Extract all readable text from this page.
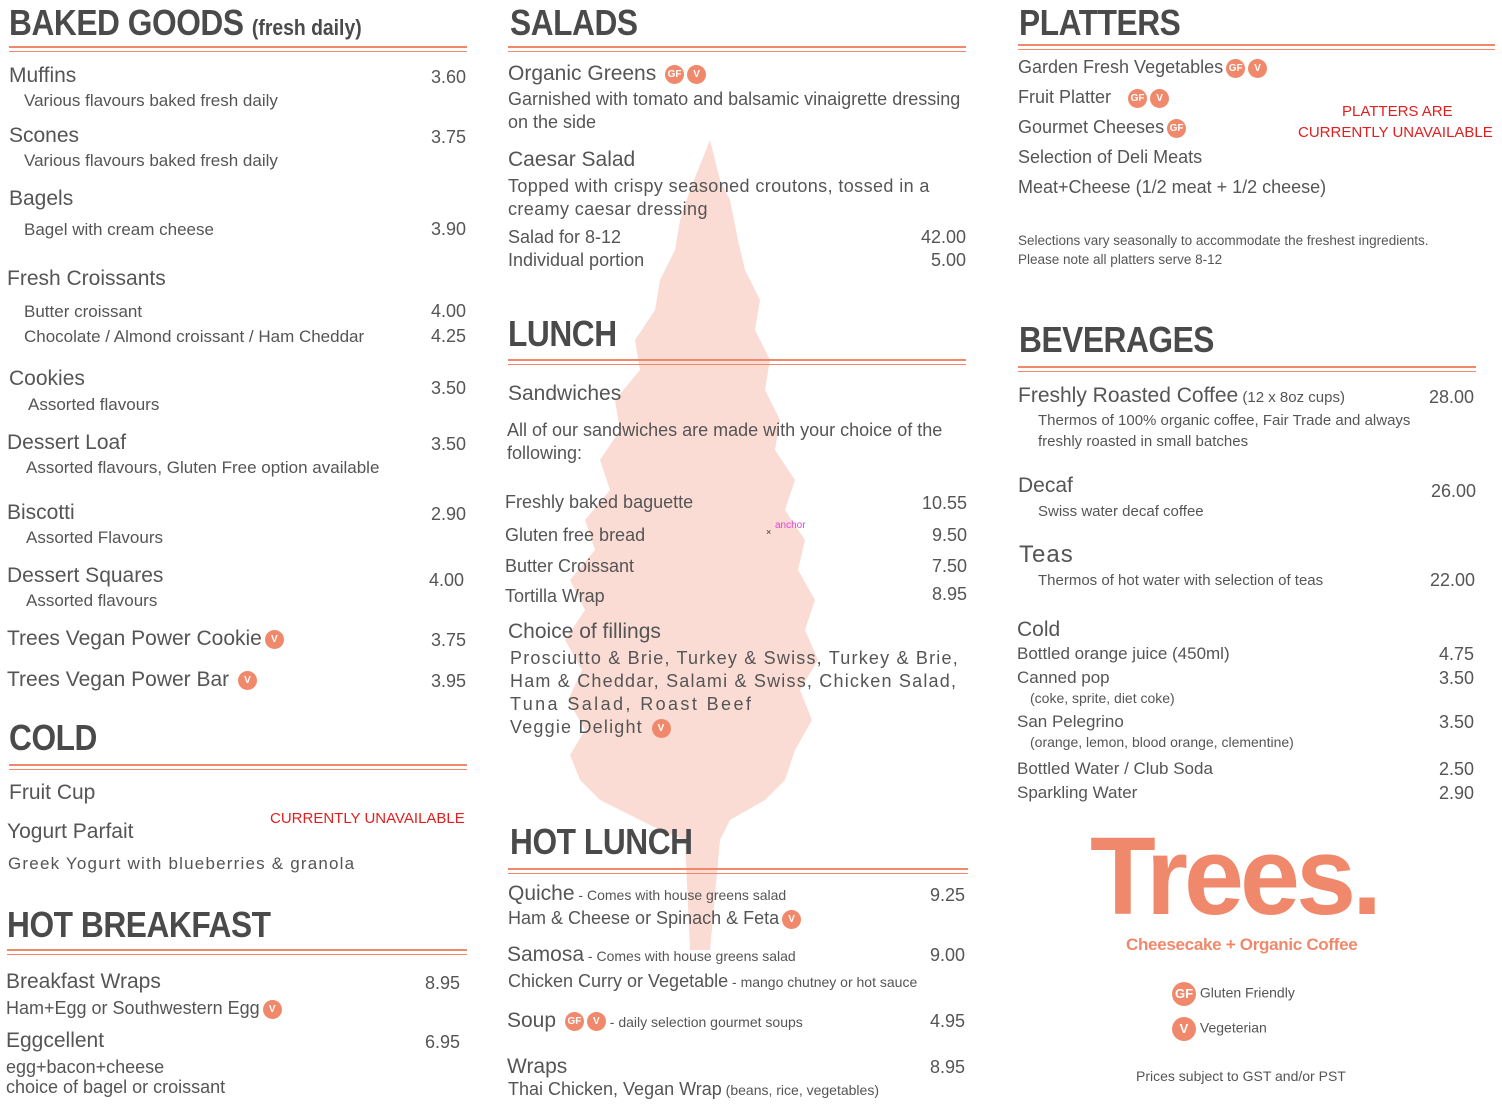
BAKED GOODS (fresh daily)
Muffins	3.60
Various flavours baked fresh daily
Scones	3.75
Various flavours baked fresh daily
Bagels
Bagel with cream cheese	3.90
Fresh Croissants
Butter croissant	4.00
Chocolate / Almond croissant / Ham Cheddar	4.25
Cookies	3.50
Assorted flavours
Dessert Loaf	3.50
Assorted flavours, Gluten Free option available
Biscotti	2.90
Assorted Flavours
Dessert Squares	4.00
Assorted flavours
Trees Vegan Power Cookie V	3.75
Trees Vegan Power Bar V	3.95
COLD
Fruit Cup
CURRENTLY UNAVAILABLE
Yogurt Parfait
Greek Yogurt with blueberries & granola
HOT BREAKFAST
Breakfast Wraps	8.95
Ham+Egg or Southwestern Egg V
Eggcellent	6.95
egg+bacon+cheese
choice of bagel or croissant
SALADS
Organic Greens GF V
Garnished with tomato and balsamic vinaigrette dressing
on the side
Caesar Salad
Topped with crispy seasoned croutons, tossed in a
creamy caesar dressing
Salad for 8-12	42.00
Individual portion	5.00
LUNCH
Sandwiches
All of our sandwiches are made with your choice of the
following:
Freshly baked baguette	10.55
Gluten free bread	9.50
×
anchor
Butter Croissant	7.50
Tortilla Wrap	8.95
Choice of fillings
Prosciutto & Brie, Turkey & Swiss, Turkey & Brie,
Ham & Cheddar, Salami & Swiss, Chicken Salad,
Tuna Salad, Roast Beef
Veggie Delight V
HOT LUNCH
Quiche - Comes with house greens salad	9.25
Ham & Cheese or Spinach & Feta V
Samosa - Comes with house greens salad	9.00
Chicken Curry or Vegetable - mango chutney or hot sauce
Soup GF V - daily selection gourmet soups	4.95
Wraps	8.95
Thai Chicken, Vegan Wrap (beans, rice, vegetables)
PLATTERS
Garden Fresh Vegetables GF V
Fruit Platter GF V
Gourmet Cheeses GF
Selection of Deli Meats
Meat+Cheese (1/2 meat + 1/2 cheese)
PLATTERS ARE
CURRENTLY UNAVAILABLE
Selections vary seasonally to accommodate the freshest ingredients.
Please note all platters serve 8-12
BEVERAGES
Freshly Roasted Coffee (12 x 8oz cups)	28.00
Thermos of 100% organic coffee, Fair Trade and always
freshly roasted in small batches
Decaf	26.00
Swiss water decaf coffee
Teas
Thermos of hot water with selection of teas	22.00
Cold
Bottled orange juice (450ml)	4.75
Canned pop	3.50
(coke, sprite, diet coke)
San Pelegrino	3.50
(orange, lemon, blood orange, clementine)
Bottled Water / Club Soda	2.50
Sparkling Water	2.90
Trees.
Cheesecake + Organic Coffee
GF Gluten Friendly
V Vegeterian
Prices subject to GST and/or PST
